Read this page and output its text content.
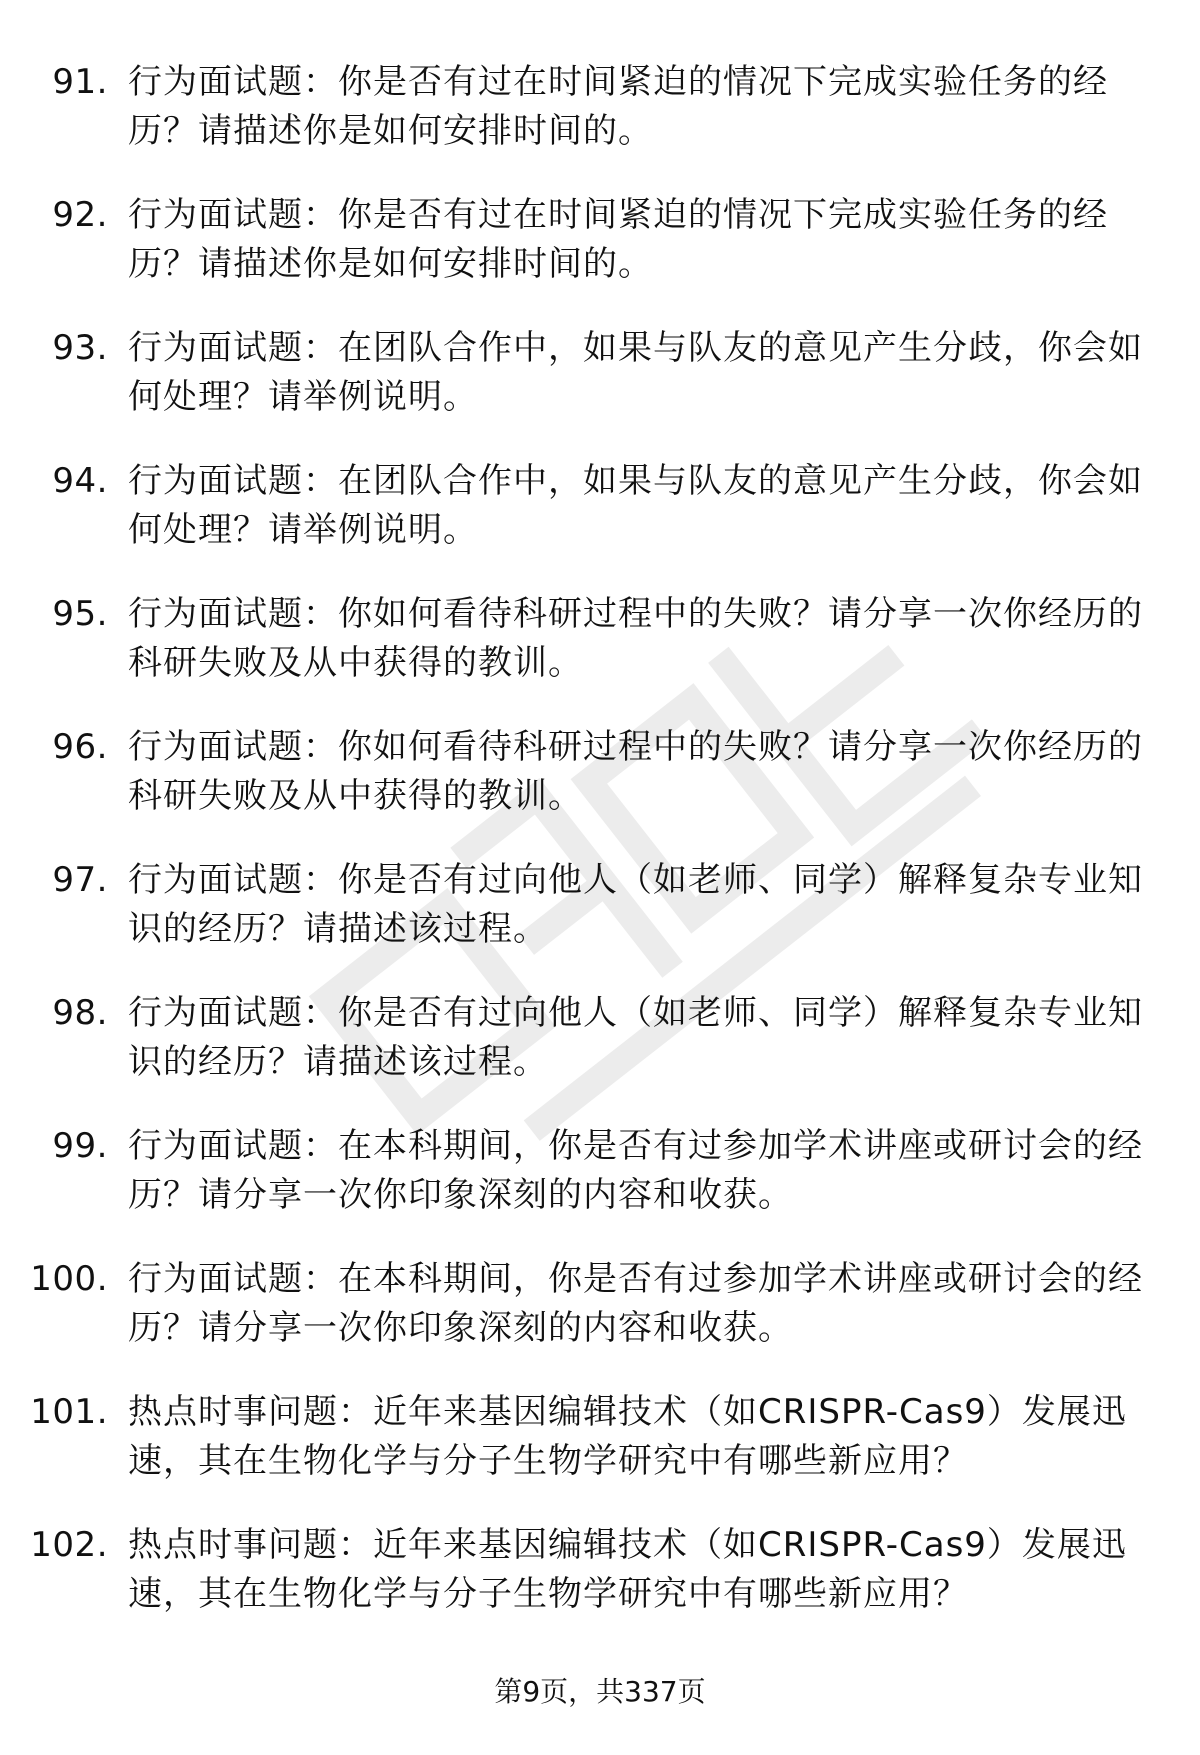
91. 行为面试题：你是否有过在时间紧迫的情况下完成实验任务的经历？请描述你是如何安排时间的。
92. 行为面试题：你是否有过在时间紧迫的情况下完成实验任务的经历？请描述你是如何安排时间的。
93. 行为面试题：在团队合作中，如果与队友的意见产生分歧，你会如何处理？请举例说明。
94. 行为面试题：在团队合作中，如果与队友的意见产生分歧，你会如何处理？请举例说明。
95. 行为面试题：你如何看待科研过程中的失败？请分享一次你经历的科研失败及从中获得的教训。
96. 行为面试题：你如何看待科研过程中的失败？请分享一次你经历的科研失败及从中获得的教训。
97. 行为面试题：你是否有过向他人（如老师、同学）解释复杂专业知识的经历？请描述该过程。
98. 行为面试题：你是否有过向他人（如老师、同学）解释复杂专业知识的经历？请描述该过程。
99. 行为面试题：在本科期间，你是否有过参加学术讲座或研讨会的经历？请分享一次你印象深刻的内容和收获。
100. 行为面试题：在本科期间，你是否有过参加学术讲座或研讨会的经历？请分享一次你印象深刻的内容和收获。
101. 热点时事问题：近年来基因编辑技术（如CRISPR-Cas9）发展迅速，其在生物化学与分子生物学研究中有哪些新应用？
102. 热点时事问题：近年来基因编辑技术（如CRISPR-Cas9）发展迅速，其在生物化学与分子生物学研究中有哪些新应用？
第9页，共337页
